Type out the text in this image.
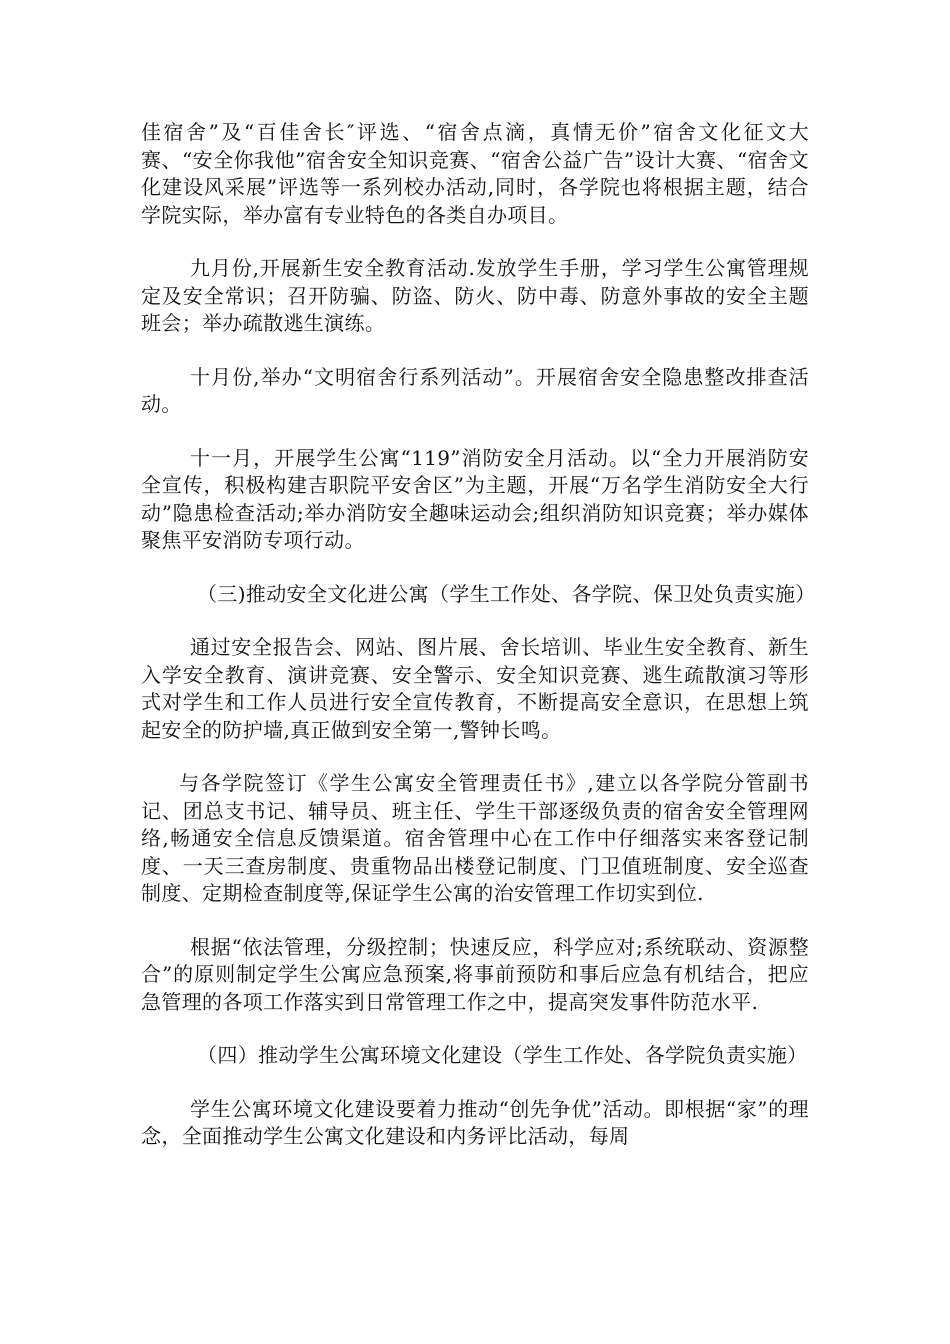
佳宿舍”及“百佳舍长″评选、“宿舍点滴，真情无价”宿舍文化征文大赛、“安全你我他”宿舍安全知识竞赛、“宿舍公益广告”设计大赛、“宿舍文化建设风采展”评选等一系列校办活动,同时，各学院也将根据主题，结合学院实际，举办富有专业特色的各类自办项目。

九月份,开展新生安全教育活动.发放学生手册，学习学生公寓管理规定及安全常识；召开防骗、防盗、防火、防中毒、防意外事故的安全主题班会；举办疏散逃生演练。

十月份,举办“文明宿舍行系列活动”。开展宿舍安全隐患整改排查活动。

十一月，开展学生公寓“119”消防安全月活动。以“全力开展消防安全宣传，积极构建吉职院平安舍区”为主题，开展“万名学生消防安全大行动”隐患检查活动;举办消防安全趣味运动会;组织消防知识竞赛；举办媒体聚焦平安消防专项行动。

（三)推动安全文化进公寓（学生工作处、各学院、保卫处负责实施）

通过安全报告会、网站、图片展、舍长培训、毕业生安全教育、新生入学安全教育、演讲竞赛、安全警示、安全知识竞赛、逃生疏散演习等形式对学生和工作人员进行安全宣传教育，不断提高安全意识，在思想上筑起安全的防护墙,真正做到安全第一,警钟长鸣。

与各学院签订《学生公寓安全管理责任书》,建立以各学院分管副书记、团总支书记、辅导员、班主任、学生干部逐级负责的宿舍安全管理网络,畅通安全信息反馈渠道。宿舍管理中心在工作中仔细落实来客登记制度、一天三查房制度、贵重物品出楼登记制度、门卫值班制度、安全巡查制度、定期检查制度等,保证学生公寓的治安管理工作切实到位.

根据“依法管理，分级控制；快速反应，科学应对;系统联动、资源整合”的原则制定学生公寓应急预案,将事前预防和事后应急有机结合，把应急管理的各项工作落实到日常管理工作之中，提高突发事件防范水平.

（四）推动学生公寓环境文化建设（学生工作处、各学院负责实施）

学生公寓环境文化建设要着力推动“创先争优”活动。即根据“家”的理念，全面推动学生公寓文化建设和内务评比活动，每周
